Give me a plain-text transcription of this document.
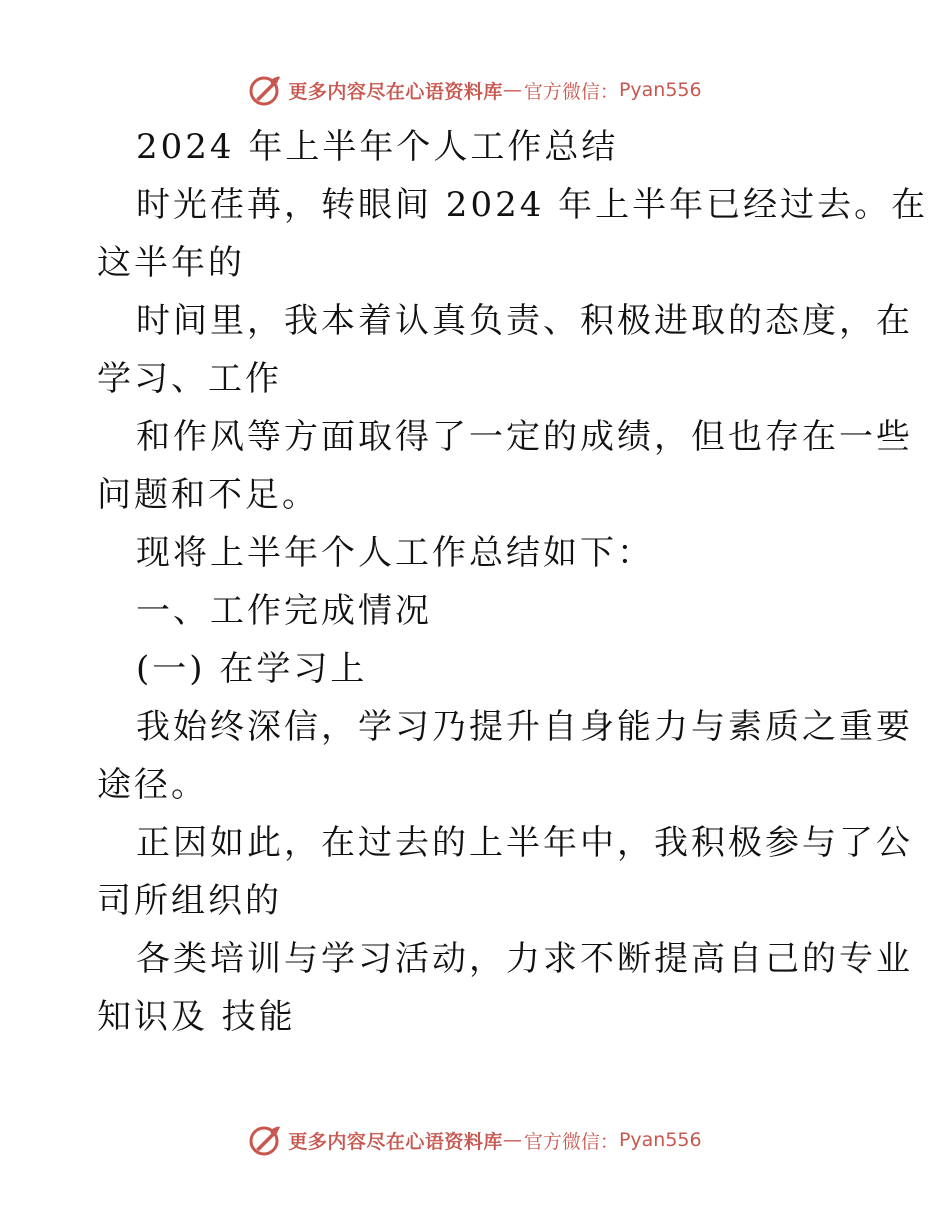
更多内容尽在心语资料库 — 官方微信： Pyan556
2024 年上半年个人工作总结
时光荏苒，转眼间 2024 年上半年已经过去。在
这半年的
时间里，我本着认真负责、积极进取的态度，在
学习、工作
和作风等方面取得了一定的成绩，但也存在一些
问题和不足。
现将上半年个人工作总结如下：
一、工作完成情况
(一) 在学习上
我始终深信，学习乃提升自身能力与素质之重要
途径。
正因如此，在过去的上半年中，我积极参与了公
司所组织的
各类培训与学习活动，力求不断提高自己的专业
知识及 技能
更多内容尽在心语资料库 — 官方微信： Pyan556
